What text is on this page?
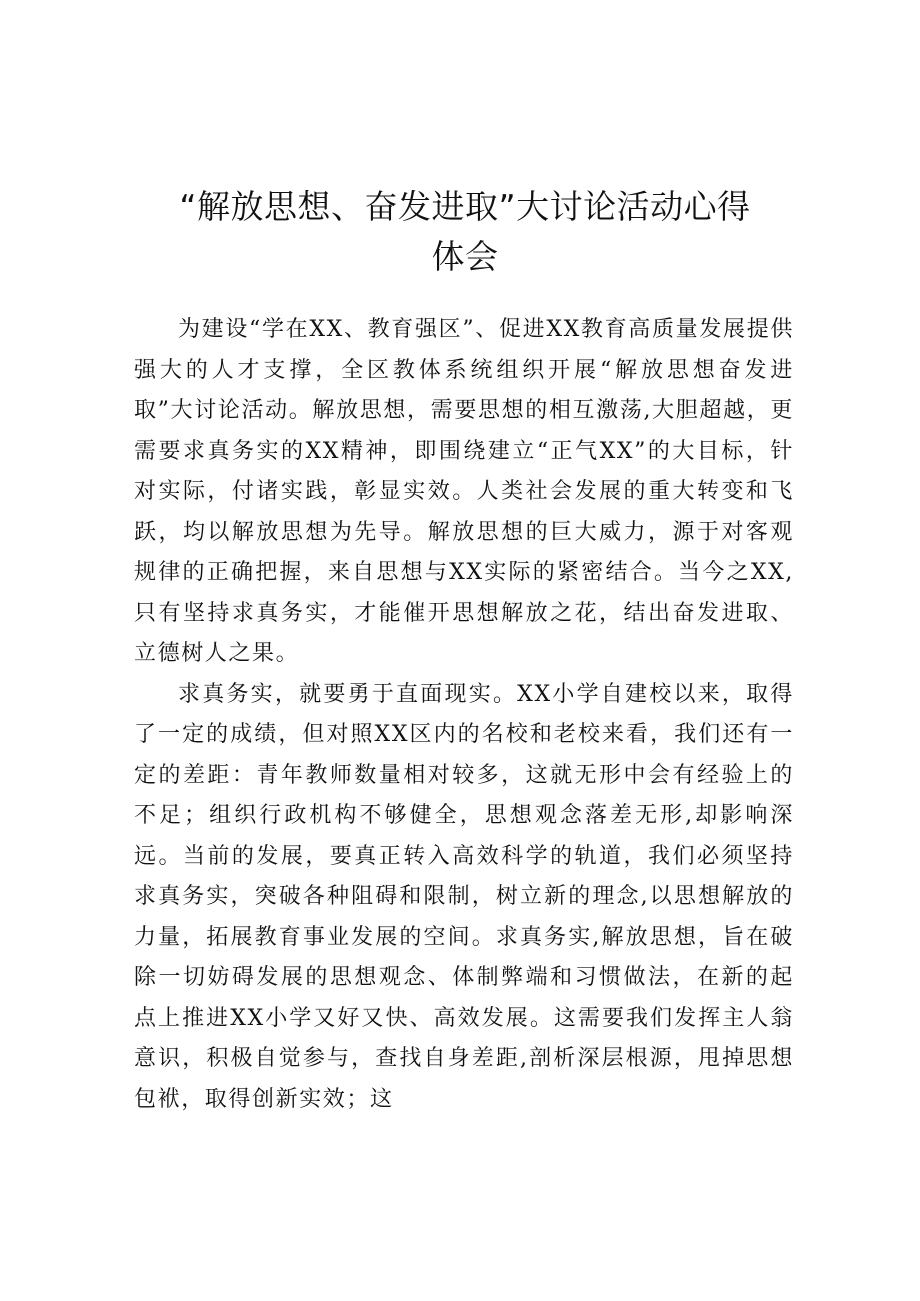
“解放思想、奋发进取”大讨论活动心得
体会

为建设“学在XX、教育强区”、促进XX教育高质量发展提供强大的人才支撑，全区教体系统组织开展“解放思想奋发进取”大讨论活动。解放思想，需要思想的相互激荡,大胆超越，更需要求真务实的XX精神，即围绕建立“正气XX”的大目标，针对实际，付诸实践，彰显实效。人类社会发展的重大转变和飞跃，均以解放思想为先导。解放思想的巨大威力，源于对客观规律的正确把握，来自思想与XX实际的紧密结合。当今之XX,只有坚持求真务实，才能催开思想解放之花，结出奋发进取、立德树人之果。

求真务实，就要勇于直面现实。XX小学自建校以来，取得了一定的成绩，但对照XX区内的名校和老校来看，我们还有一定的差距：青年教师数量相对较多，这就无形中会有经验上的不足；组织行政机构不够健全，思想观念落差无形,却影响深远。当前的发展，要真正转入高效科学的轨道，我们必须坚持求真务实，突破各种阻碍和限制，树立新的理念,以思想解放的力量，拓展教育事业发展的空间。求真务实,解放思想，旨在破除一切妨碍发展的思想观念、体制弊端和习惯做法，在新的起点上推进XX小学又好又快、高效发展。这需要我们发挥主人翁意识，积极自觉参与，查找自身差距,剖析深层根源，甩掉思想包袱，取得创新实效；这
